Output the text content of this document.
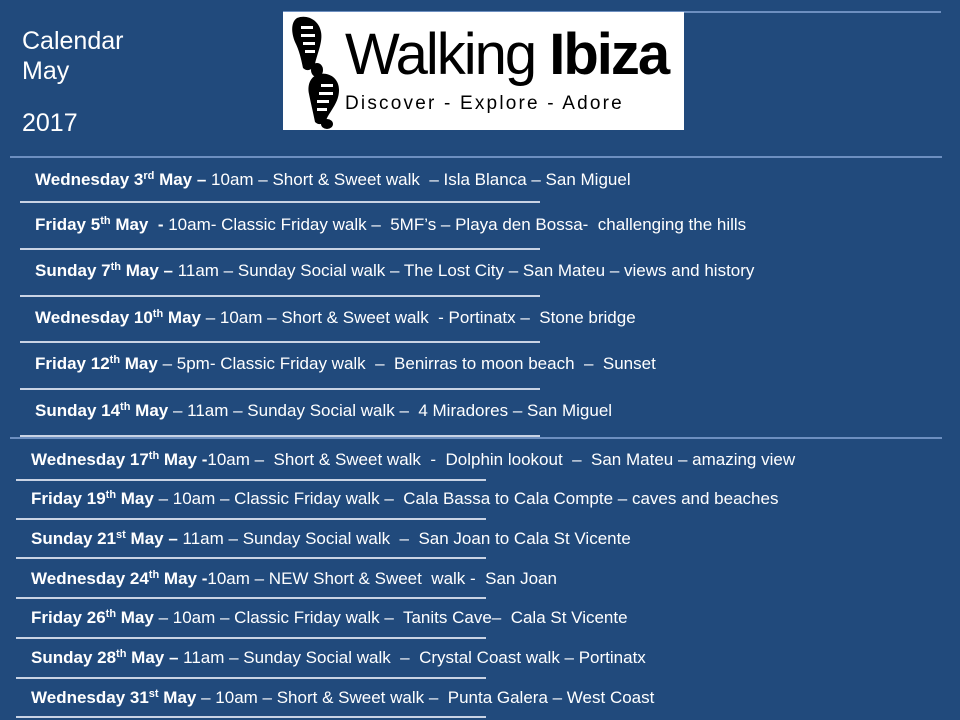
Calendar
May
2017
Walking Ibiza
Discover - Explore - Adore
Wednesday 3rd May – 10am – Short & Sweet walk  – Isla Blanca – San Miguel
Friday 5th May  - 10am- Classic Friday walk –  5MF’s – Playa den Bossa-  challenging the hills
Sunday 7th May – 11am – Sunday Social walk – The Lost City – San Mateu – views and history
Wednesday 10th May – 10am – Short & Sweet walk  - Portinatx –  Stone bridge
Friday 12th May – 5pm- Classic Friday walk  –  Benirras to moon beach  –  Sunset
Sunday 14th May – 11am – Sunday Social walk –  4 Miradores – San Miguel
Wednesday 17th May -10am –  Short & Sweet walk  -  Dolphin lookout  –  San Mateu – amazing view
Friday 19th May – 10am – Classic Friday walk –  Cala Bassa to Cala Compte – caves and beaches
Sunday 21st May – 11am – Sunday Social walk  –  San Joan to Cala St Vicente
Wednesday 24th May -10am – NEW Short & Sweet  walk -  San Joan
Friday 26th May – 10am – Classic Friday walk –  Tanits Cave–  Cala St Vicente
Sunday 28th May – 11am – Sunday Social walk  –  Crystal Coast walk – Portinatx
Wednesday 31st May – 10am – Short & Sweet walk –  Punta Galera – West Coast
